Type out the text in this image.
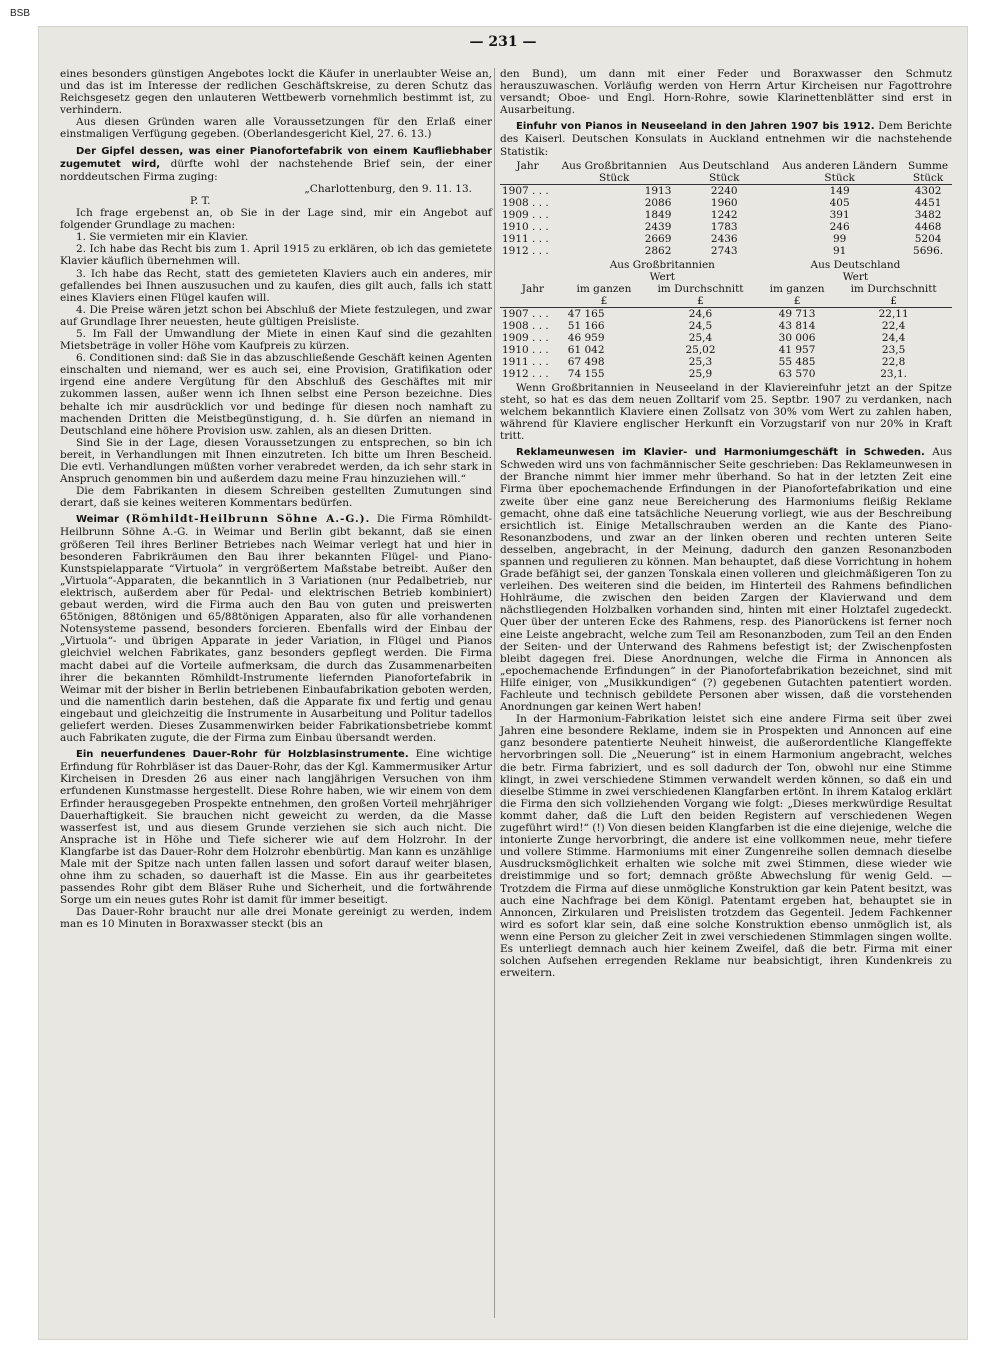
BSB
— 231 —

eines besonders günstigen Angebotes lockt die Käufer in unerlaubter Weise an, und das ist im Interesse der redlichen Geschäftskreise, zu deren Schutz das Reichsgesetz gegen den unlauteren Wettbewerb vornehmlich bestimmt ist, zu verhindern.

Aus diesen Gründen waren alle Voraussetzungen für den Erlaß einer einstmaligen Verfügung gegeben. (Oberlandesgericht Kiel, 27. 6. 13.)

Der Gipfel dessen, was einer Pianofortefabrik von einem Kaufliebhaber zugemutet wird, dürfte wohl der nachstehende Brief sein, der einer norddeutschen Firma zuging:

„Charlottenburg, den 9. 11. 13.

P. T.

Ich frage ergebenst an, ob Sie in der Lage sind, mir ein Angebot auf folgender Grundlage zu machen:

1. Sie vermieten mir ein Klavier.

2. Ich habe das Recht bis zum 1. April 1915 zu erklären, ob ich das gemietete Klavier käuflich übernehmen will.

3. Ich habe das Recht, statt des gemieteten Klaviers auch ein anderes, mir gefallendes bei Ihnen auszusuchen und zu kaufen, dies gilt auch, falls ich statt eines Klaviers einen Flügel kaufen will.

4. Die Preise wären jetzt schon bei Abschluß der Miete festzulegen, und zwar auf Grundlage Ihrer neuesten, heute gültigen Preisliste.

5. Im Fall der Umwandlung der Miete in einen Kauf sind die gezahlten Mietsbeträge in voller Höhe vom Kaufpreis zu kürzen.

6. Conditionen sind: daß Sie in das abzuschließende Geschäft keinen Agenten einschalten und niemand, wer es auch sei, eine Provision, Gratifikation oder irgend eine andere Vergütung für den Abschluß des Geschäftes mit mir zukommen lassen, außer wenn ich Ihnen selbst eine Person bezeichne. Dies behalte ich mir ausdrücklich vor und bedinge für diesen noch namhaft zu machenden Dritten die Meistbegünstigung, d. h. Sie dürfen an niemand in Deutschland eine höhere Provision usw. zahlen, als an diesen Dritten.

Sind Sie in der Lage, diesen Voraussetzungen zu entsprechen, so bin ich bereit, in Verhandlungen mit Ihnen einzutreten. Ich bitte um Ihren Bescheid. Die evtl. Verhandlungen müßten vorher verabredet werden, da ich sehr stark in Anspruch genommen bin und außerdem dazu meine Frau hinzuziehen will.“

Die dem Fabrikanten in diesem Schreiben gestellten Zumutungen sind derart, daß sie keines weiteren Kommentars bedürfen.

Weimar (Römhildt-Heilbrunn Söhne A.-G.). Die Firma Römhildt-Heilbrunn Söhne A.-G. in Weimar und Berlin gibt bekannt, daß sie einen größeren Teil ihres Berliner Betriebes nach Weimar verlegt hat und hier in besonderen Fabrikräumen den Bau ihrer bekannten Flügel- und Piano-Kunstspielapparate “Virtuola” in vergrößertem Maßstabe betreibt. Außer den „Virtuola“-Apparaten, die bekanntlich in 3 Variationen (nur Pedalbetrieb, nur elektrisch, außerdem aber für Pedal- und elektrischen Betrieb kombiniert) gebaut werden, wird die Firma auch den Bau von guten und preiswerten 65tönigen, 88tönigen und 65/88tönigen Apparaten, also für alle vorhandenen Notensysteme passend, besonders forcieren. Ebenfalls wird der Einbau der „Virtuola“- und übrigen Apparate in jeder Variation, in Flügel und Pianos gleichviel welchen Fabrikates, ganz besonders gepflegt werden. Die Firma macht dabei auf die Vorteile aufmerksam, die durch das Zusammenarbeiten ihrer die bekannten Römhildt-Instrumente liefernden Pianofortefabrik in Weimar mit der bisher in Berlin betriebenen Einbaufabrikation geboten werden, und die namentlich darin bestehen, daß die Apparate fix und fertig und genau eingebaut und gleichzeitig die Instrumente in Ausarbeitung und Politur tadellos geliefert werden. Dieses Zusammenwirken beider Fabrikationsbetriebe kommt auch Fabrikaten zugute, die der Firma zum Einbau übersandt werden.

Ein neuerfundenes Dauer-Rohr für Holzblasinstrumente. Eine wichtige Erfindung für Rohrbläser ist das Dauer-Rohr, das der Kgl. Kammermusiker Artur Kircheisen in Dresden 26 aus einer nach langjährigen Versuchen von ihm erfundenen Kunstmasse hergestellt. Diese Rohre haben, wie wir einem von dem Erfinder herausgegeben Prospekte entnehmen, den großen Vorteil mehrjähriger Dauerhaftigkeit. Sie brauchen nicht geweicht zu werden, da die Masse wasserfest ist, und aus diesem Grunde verziehen sie sich auch nicht. Die Ansprache ist in Höhe und Tiefe sicherer wie auf dem Holzrohr. In der Klangfarbe ist das Dauer-Rohr dem Holzrohr ebenbürtig. Man kann es unzählige Male mit der Spitze nach unten fallen lassen und sofort darauf weiter blasen, ohne ihm zu schaden, so dauerhaft ist die Masse. Ein aus ihr gearbeitetes passendes Rohr gibt dem Bläser Ruhe und Sicherheit, und die fortwährende Sorge um ein neues gutes Rohr ist damit für immer beseitigt.

Das Dauer-Rohr braucht nur alle drei Monate gereinigt zu werden, indem man es 10 Minuten in Boraxwasser steckt (bis an

den Bund), um dann mit einer Feder und Boraxwasser den Schmutz herauszuwaschen. Vorläufig werden von Herrn Artur Kircheisen nur Fagottrohre versandt; Oboe- und Engl. Horn-Rohre, sowie Klarinettenblätter sind erst in Ausarbeitung.

Einfuhr von Pianos in Neuseeland in den Jahren 1907 bis 1912. Dem Berichte des Kaiserl. Deutschen Konsulats in Auckland entnehmen wir die nachstehende Statistik:

Jahr	Aus Großbritannien	Aus Deutschland	Aus anderen Ländern	Summe
	Stück	Stück	Stück	Stück
1907 . . .	1913	2240	149	4302
1908 . . .	2086	1960	405	4451
1909 . . .	1849	1242	391	3482
1910 . . .	2439	1783	246	4468
1911 . . .	2669	2436	99	5204
1912 . . .	2862	2743	91	5696.
	Aus Großbritannien		Aus Deutschland	
	Wert		Wert	
Jahr	im ganzen	im Durchschnitt	im ganzen	im Durchschnitt
	£	£	£	£
1907 . . .	47 165	24,6	49 713	22,11
1908 . . .	51 166	24,5	43 814	22,4
1909 . . .	46 959	25,4	30 006	24,4
1910 . . .	61 042	25,02	41 957	23,5
1911 . . .	67 498	25,3	55 485	22,8
1912 . . .	74 155	25,9	63 570	23,1.

Wenn Großbritannien in Neuseeland in der Klaviereinfuhr jetzt an der Spitze steht, so hat es das dem neuen Zolltarif vom 25. Septbr. 1907 zu verdanken, nach welchem bekanntlich Klaviere einen Zollsatz von 30% vom Wert zu zahlen haben, während für Klaviere englischer Herkunft ein Vorzugstarif von nur 20% in Kraft tritt.

Reklameunwesen im Klavier- und Harmoniumgeschäft in Schweden. Aus Schweden wird uns von fachmännischer Seite geschrieben: Das Reklameunwesen in der Branche nimmt hier immer mehr überhand. So hat in der letzten Zeit eine Firma über epochemachende Erfindungen in der Pianofortefabrikation und eine zweite über eine ganz neue Bereicherung des Harmoniums fleißig Reklame gemacht, ohne daß eine tatsächliche Neuerung vorliegt, wie aus der Beschreibung ersichtlich ist. Einige Metallschrauben werden an die Kante des Piano-Resonanzbodens, und zwar an der linken oberen und rechten unteren Seite desselben, angebracht, in der Meinung, dadurch den ganzen Resonanzboden spannen und regulieren zu können. Man behauptet, daß diese Vorrichtung in hohem Grade befähigt sei, der ganzen Tonskala einen volleren und gleichmäßigeren Ton zu verleihen. Des weiteren sind die beiden, im Hinterteil des Rahmens befindlichen Hohlräume, die zwischen den beiden Zargen der Klavierwand und dem nächstliegenden Holzbalken vorhanden sind, hinten mit einer Holztafel zugedeckt. Quer über der unteren Ecke des Rahmens, resp. des Pianorückens ist ferner noch eine Leiste angebracht, welche zum Teil am Resonanzboden, zum Teil an den Enden der Seiten- und der Unterwand des Rahmens befestigt ist; der Zwischenpfosten bleibt dagegen frei. Diese Anordnungen, welche die Firma in Annoncen als „epochemachende Erfindungen“ in der Pianofortefabrikation bezeichnet, sind mit Hilfe einiger, von „Musikkundigen“ (?) gegebenen Gutachten patentiert worden. Fachleute und technisch gebildete Personen aber wissen, daß die vorstehenden Anordnungen gar keinen Wert haben!

In der Harmonium-Fabrikation leistet sich eine andere Firma seit über zwei Jahren eine besondere Reklame, indem sie in Prospekten und Annoncen auf eine ganz besondere patentierte Neuheit hinweist, die außerordentliche Klangeffekte hervorbringen soll. Die „Neuerung“ ist in einem Harmonium angebracht, welches die betr. Firma fabriziert, und es soll dadurch der Ton, obwohl nur eine Stimme klingt, in zwei verschiedene Stimmen verwandelt werden können, so daß ein und dieselbe Stimme in zwei verschiedenen Klangfarben ertönt. In ihrem Katalog erklärt die Firma den sich vollziehenden Vorgang wie folgt: „Dieses merkwürdige Resultat kommt daher, daß die Luft den beiden Registern auf verschiedenen Wegen zugeführt wird!“ (!) Von diesen beiden Klangfarben ist die eine diejenige, welche die intonierte Zunge hervorbringt, die andere ist eine vollkommen neue, mehr tiefere und vollere Stimme. Harmoniums mit einer Zungenreihe sollen demnach dieselbe Ausdrucksmöglichkeit erhalten wie solche mit zwei Stimmen, diese wieder wie dreistimmige und so fort; demnach größte Abwechslung für wenig Geld. — Trotzdem die Firma auf diese unmögliche Konstruktion gar kein Patent besitzt, was auch eine Nachfrage bei dem Königl. Patentamt ergeben hat, behauptet sie in Annoncen, Zirkularen und Preislisten trotzdem das Gegenteil. Jedem Fachkenner wird es sofort klar sein, daß eine solche Konstruktion ebenso unmöglich ist, als wenn eine Person zu gleicher Zeit in zwei verschiedenen Stimmlagen singen wollte. Es unterliegt demnach auch hier keinem Zweifel, daß die betr. Firma mit einer solchen Aufsehen erregenden Reklame nur beabsichtigt, ihren Kundenkreis zu erweitern.
